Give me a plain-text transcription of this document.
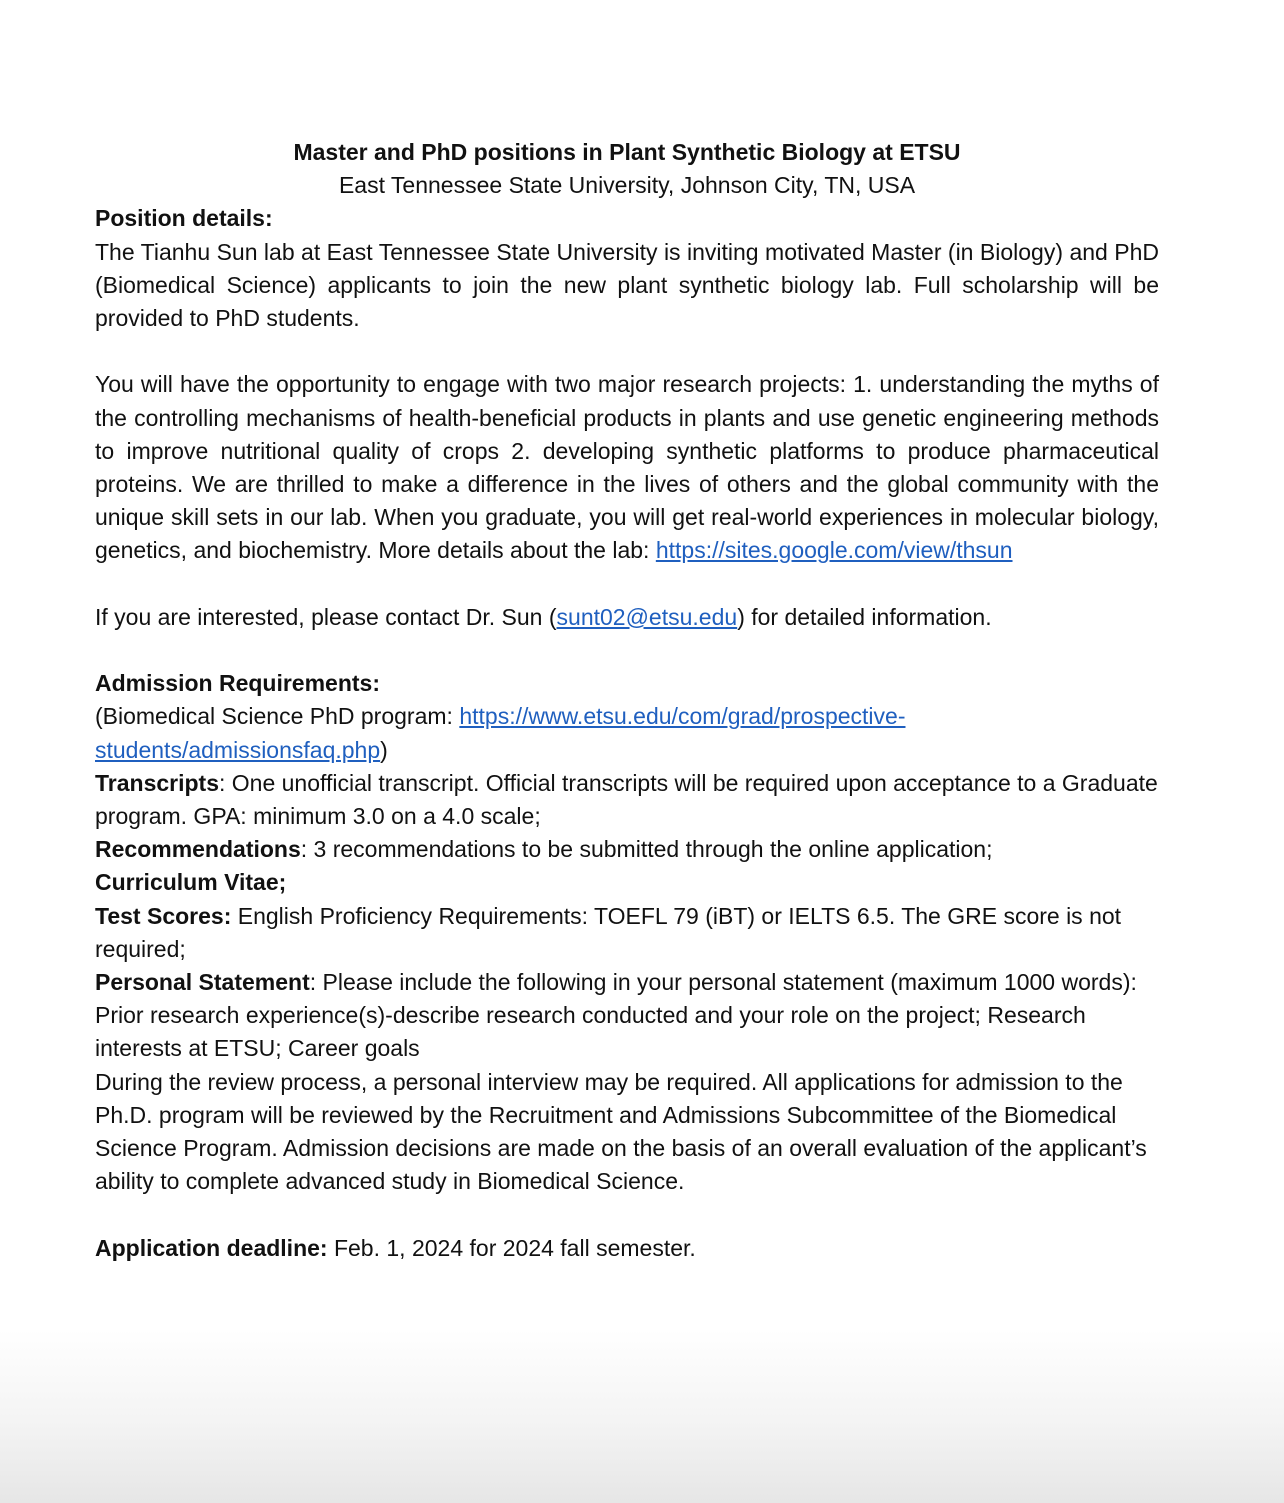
Master and PhD positions in Plant Synthetic Biology at ETSU

East Tennessee State University, Johnson City, TN, USA

Position details:

The Tianhu Sun lab at East Tennessee State University is inviting motivated Master (in Biology) and PhD (Biomedical Science) applicants to join the new plant synthetic biology lab. Full scholarship will be provided to PhD students.

You will have the opportunity to engage with two major research projects: 1. understanding the myths of the controlling mechanisms of health-beneficial products in plants and use genetic engineering methods to improve nutritional quality of crops 2. developing synthetic platforms to produce pharmaceutical proteins. We are thrilled to make a difference in the lives of others and the global community with the unique skill sets in our lab. When you graduate, you will get real-world experiences in molecular biology, genetics, and biochemistry. More details about the lab: https://sites.google.com/view/thsun

If you are interested, please contact Dr. Sun (sunt02@etsu.edu) for detailed information.

Admission Requirements:

(Biomedical Science PhD program: https://www.etsu.edu/com/grad/prospective-students/admissionsfaq.php)

Transcripts: One unofficial transcript. Official transcripts will be required upon acceptance to a Graduate program. GPA: minimum 3.0 on a 4.0 scale;

Recommendations: 3 recommendations to be submitted through the online application;

Curriculum Vitae;

Test Scores: English Proficiency Requirements: TOEFL 79 (iBT) or IELTS 6.5. The GRE score is not required;

Personal Statement: Please include the following in your personal statement (maximum 1000 words): Prior research experience(s)-describe research conducted and your role on the project; Research interests at ETSU; Career goals

During the review process, a personal interview may be required. All applications for admission to the Ph.D. program will be reviewed by the Recruitment and Admissions Subcommittee of the Biomedical Science Program. Admission decisions are made on the basis of an overall evaluation of the applicant’s ability to complete advanced study in Biomedical Science.

Application deadline: Feb. 1, 2024 for 2024 fall semester.
